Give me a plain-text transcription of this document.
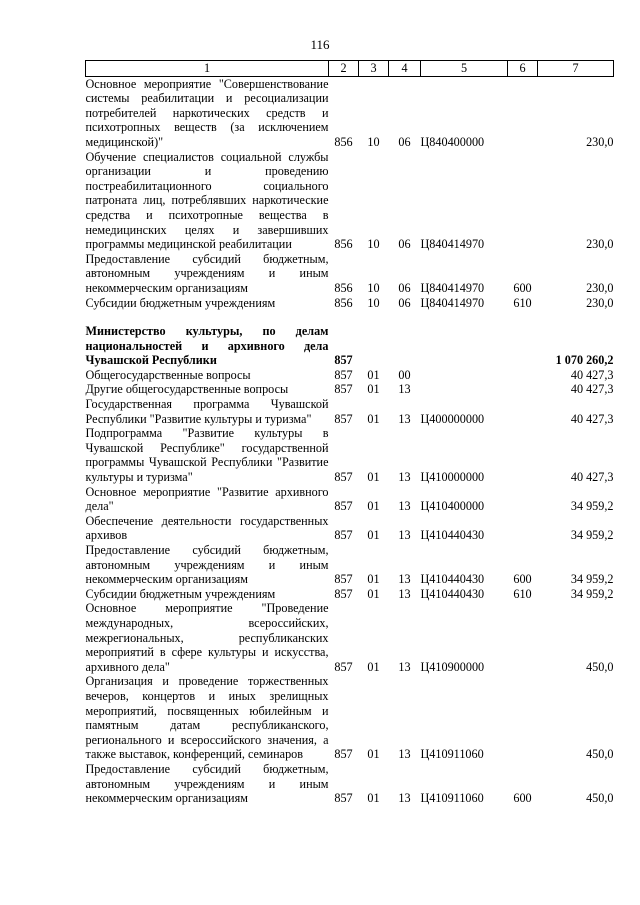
116
1	2	3	4	5	6	7
Основное мероприятие "Совершенствование системы реабилитации и ресоциализации потребителей наркотических средств и психотропных веществ (за исключением медицинской)"	856	10	06	Ц840400000		230,0
Обучение специалистов социальной службы организации и проведению постреабилитационного социального патроната лиц, потреблявших наркотические средства и психотропные вещества в немедицинских целях и завершивших программы медицинской реабилитации	856	10	06	Ц840414970		230,0
Предоставление субсидий бюджетным, автономным учреждениям и иным некоммерческим организациям	856	10	06	Ц840414970	600	230,0
Субсидии бюджетным учреждениям	856	10	06	Ц840414970	610	230,0

Министерство культуры, по делам национальностей и архивного дела Чувашской Республики	857					1 070 260,2
Общегосударственные вопросы	857	01	00			40 427,3
Другие общегосударственные вопросы	857	01	13			40 427,3
Государственная программа Чувашской Республики "Развитие культуры и туризма"	857	01	13	Ц400000000		40 427,3
Подпрограмма "Развитие культуры в Чувашской Республике" государственной программы Чувашской Республики "Развитие культуры и туризма"	857	01	13	Ц410000000		40 427,3
Основное мероприятие "Развитие архивного дела"	857	01	13	Ц410400000		34 959,2
Обеспечение деятельности государственных архивов	857	01	13	Ц410440430		34 959,2
Предоставление субсидий бюджетным, автономным учреждениям и иным некоммерческим организациям	857	01	13	Ц410440430	600	34 959,2
Субсидии бюджетным учреждениям	857	01	13	Ц410440430	610	34 959,2
Основное мероприятие "Проведение международных, всероссийских, межрегиональных, республиканских мероприятий в сфере культуры и искусства, архивного дела"	857	01	13	Ц410900000		450,0
Организация и проведение торжественных вечеров, концертов и иных зрелищных мероприятий, посвященных юбилейным и памятным датам республиканского, регионального и всероссийского значения, а также выставок, конференций, семинаров	857	01	13	Ц410911060		450,0
Предоставление субсидий бюджетным, автономным учреждениям и иным некоммерческим организациям	857	01	13	Ц410911060	600	450,0
